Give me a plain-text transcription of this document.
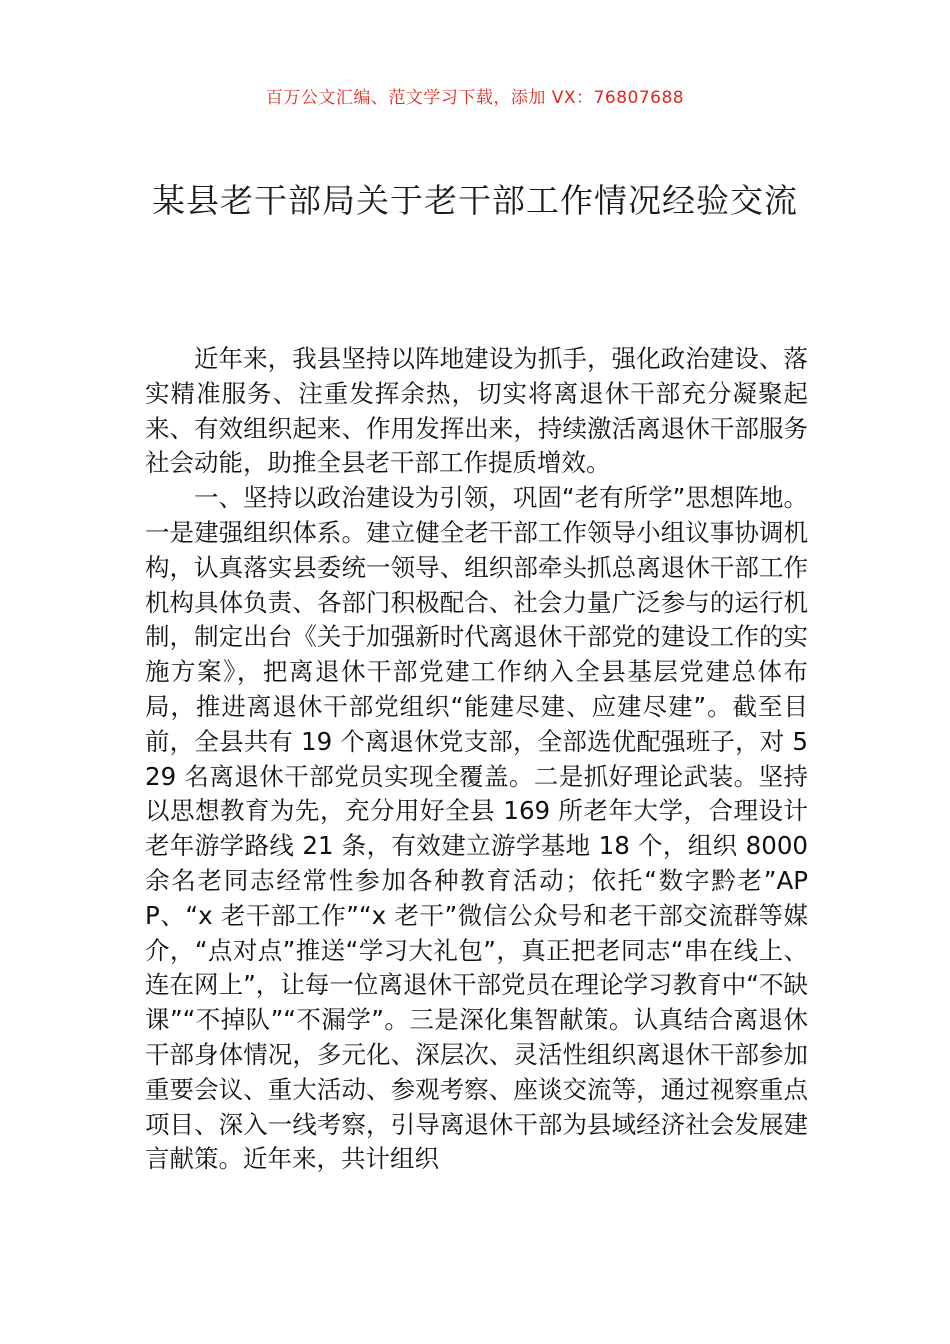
百万公文汇编、范文学习下载，添加 VX：76807688
某县老干部局关于老干部工作情况经验交流

近年来，我县坚持以阵地建设为抓手，强化政治建设、落实精准服务、注重发挥余热，切实将离退休干部充分凝聚起来、有效组织起来、作用发挥出来，持续激活离退休干部服务社会动能，助推全县老干部工作提质增效。

一、坚持以政治建设为引领，巩固“老有所学”思想阵地。一是建强组织体系。建立健全老干部工作领导小组议事协调机构，认真落实县委统一领导、组织部牵头抓总离退休干部工作机构具体负责、各部门积极配合、社会力量广泛参与的运行机制，制定出台《关于加强新时代离退休干部党的建设工作的实施方案》，把离退休干部党建工作纳入全县基层党建总体布局，推进离退休干部党组织“能建尽建、应建尽建”。截至目前，全县共有 19 个离退休党支部，全部选优配强班子，对 529 名离退休干部党员实现全覆盖。二是抓好理论武装。坚持以思想教育为先，充分用好全县 169 所老年大学，合理设计老年游学路线 21 条，有效建立游学基地 18 个，组织 8000 余名老同志经常性参加各种教育活动；依托“数字黔老”APP、“x 老干部工作”“x 老干”微信公众号和老干部交流群等媒介，“点对点”推送“学习大礼包”，真正把老同志“串在线上、连在网上”，让每一位离退休干部党员在理论学习教育中“不缺课”“不掉队”“不漏学”。三是深化集智献策。认真结合离退休干部身体情况，多元化、深层次、灵活性组织离退休干部参加重要会议、重大活动、参观考察、座谈交流等，通过视察重点项目、深入一线考察，引导离退休干部为县域经济社会发展建言献策。近年来，共计组织
